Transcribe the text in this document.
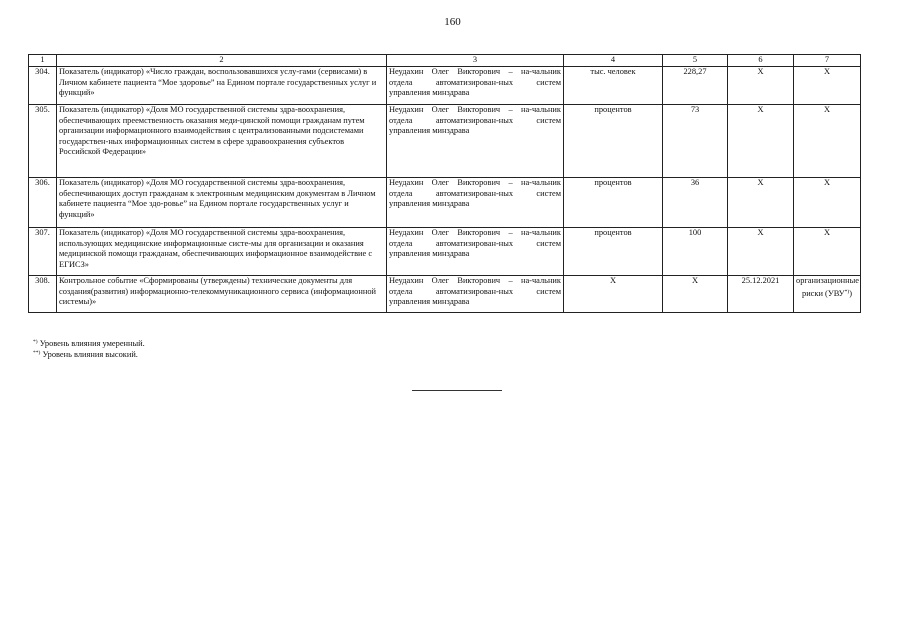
160
1	2	3	4	5	6	7
304.	Показатель (индикатор) «Число граждан, воспользовавшихся услу-гами (сервисами) в Личном кабинете пациента “Мое здоровье” на Едином портале государственных услуг и функций»	Неудахин Олег Викторович – на-чальник отдела автоматизирован-ных систем управления минздрава	тыс. человек	228,27	Х	Х
305.	Показатель (индикатор) «Доля МО государственной системы здра-воохранения, обеспечивающих преемственность оказания меди-цинской помощи гражданам путем организации информационного взаимодействия с централизованными подсистемами государствен-ных информационных систем в сфере здравоохранения субъектов Российской Федерации»	Неудахин Олег Викторович – на-чальник отдела автоматизирован-ных систем управления минздрава	процентов	73	Х	Х
306.	Показатель (индикатор) «Доля МО государственной системы здра-воохранения, обеспечивающих доступ гражданам к электронным медицинским документам в Личном кабинете пациента “Мое здо-ровье” на Едином портале государственных услуг и функций»	Неудахин Олег Викторович – на-чальник отдела автоматизирован-ных систем управления минздрава	процентов	36	Х	Х
307.	Показатель (индикатор) «Доля МО государственной системы здра-воохранения, использующих медицинские информационные систе-мы для организации и оказания медицинской помощи гражданам, обеспечивающих информационное взаимодействие с ЕГИСЗ»	Неудахин Олег Викторович – на-чальник отдела автоматизирован-ных систем управления минздрава	процентов	100	Х	Х
308.	Контрольное событие «Сформированы (утверждены) технические документы для создания(развития) информационно-телекоммуникационного сервиса (информационной системы)»	Неудахин Олег Викторович – на-чальник отдела автоматизирован-ных систем управления минздрава	Х	Х	25.12.2021	организационные риски (УВУ*))
*) Уровень влияния умеренный.
**) Уровень влияния высокий.
